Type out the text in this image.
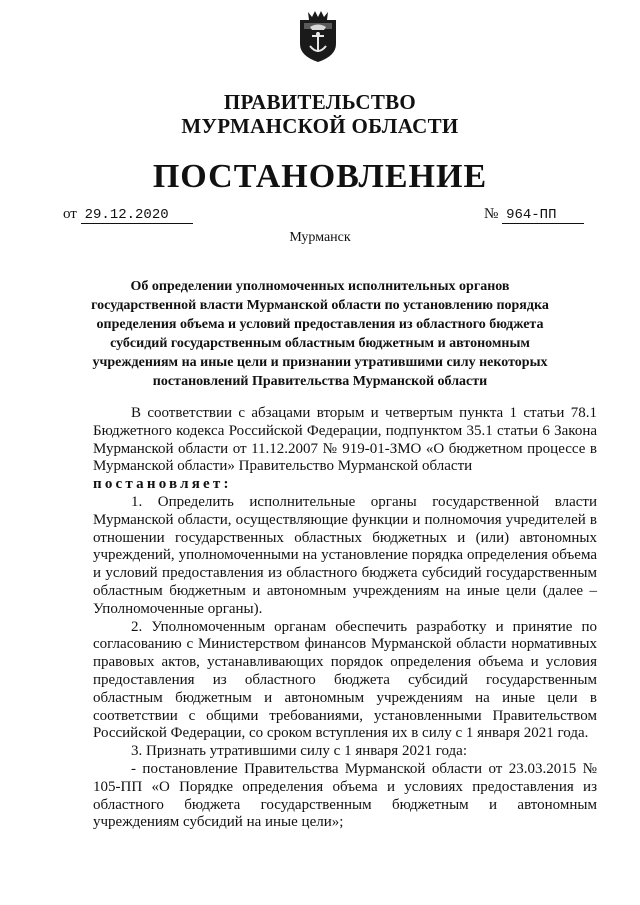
ПРАВИТЕЛЬСТВО
МУРМАНСКОЙ ОБЛАСТИ
ПОСТАНОВЛЕНИЕ
от 29.12.2020	№ 964-ПП
Мурманск
Об определении уполномоченных исполнительных органов государственной власти Мурманской области по установлению порядка определения объема и условий предоставления из областного бюджета субсидий государственным областным бюджетным и автономным учреждениям на иные цели и признании утратившими силу некоторых постановлений Правительства Мурманской области

В соответствии с абзацами вторым и четвертым пункта 1 статьи 78.1 Бюджетного кодекса Российской Федерации, подпунктом 35.1 статьи 6 Закона Мурманской области от 11.12.2007 № 919-01-ЗМО «О бюджетном процессе в Мурманской области» Правительство Мурманской области

постановляет:

1. Определить исполнительные органы государственной власти Мурманской области, осуществляющие функции и полномочия учредителей в отношении государственных областных бюджетных и (или) автономных учреждений, уполномоченными на установление порядка определения объема и условий предоставления из областного бюджета субсидий государственным областным бюджетным и автономным учреждениям на иные цели (далее – Уполномоченные органы).

2. Уполномоченным органам обеспечить разработку и принятие по согласованию с Министерством финансов Мурманской области нормативных правовых актов, устанавливающих порядок определения объема и условия предоставления из областного бюджета субсидий государственным областным бюджетным и автономным учреждениям на иные цели в соответствии с общими требованиями, установленными Правительством Российской Федерации, со сроком вступления их в силу с 1 января 2021 года.

3. Признать утратившими силу с 1 января 2021 года:

- постановление Правительства Мурманской области от 23.03.2015 № 105-ПП «О Порядке определения объема и условиях предоставления из областного бюджета государственным бюджетным и автономным учреждениям субсидий на иные цели»;
